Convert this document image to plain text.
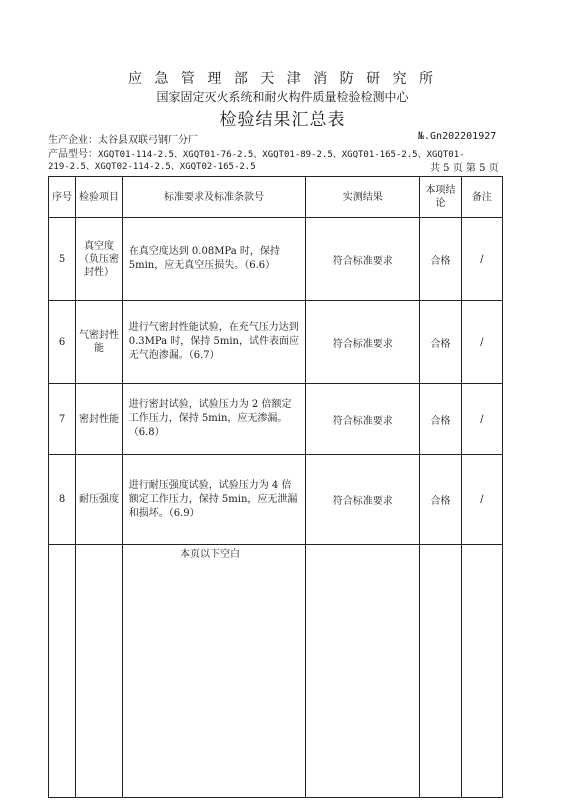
应 急 管 理 部 天 津 消 防 研 究 所
国家固定灭火系统和耐火构件质量检验检测中心
检验结果汇总表
生产企业：太谷县双联弓钢厂分厂	№.Gn202201927
产品型号：XGQT01-114-2.5、XGQT01-76-2.5、XGQT01-89-2.5、XGQT01-165-2.5、XGQT01-
219-2.5、XGQT02-114-2.5、XGQT02-165-2.5	共 5 页 第 5 页
序号	检验项目	标准要求及标准条款号	实测结果	本项结论	备注
5	真空度（负压密封性）	在真空度达到 0.08MPa 时，保持 5min，应无真空压损失。（6.6）	符合标准要求	合格	/
6	气密封性能	进行气密封性能试验，在充气压力达到 0.3MPa 时，保持 5min，试件表面应无气泡渗漏。（6.7）	符合标准要求	合格	/
7	密封性能	进行密封试验，试验压力为 2 倍额定工作压力，保持 5min，应无渗漏。（6.8）	符合标准要求	合格	/
8	耐压强度	进行耐压强度试验，试验压力为 4 倍额定工作压力，保持 5min，应无泄漏和损坏。（6.9）	符合标准要求	合格	/

本页以下空白
